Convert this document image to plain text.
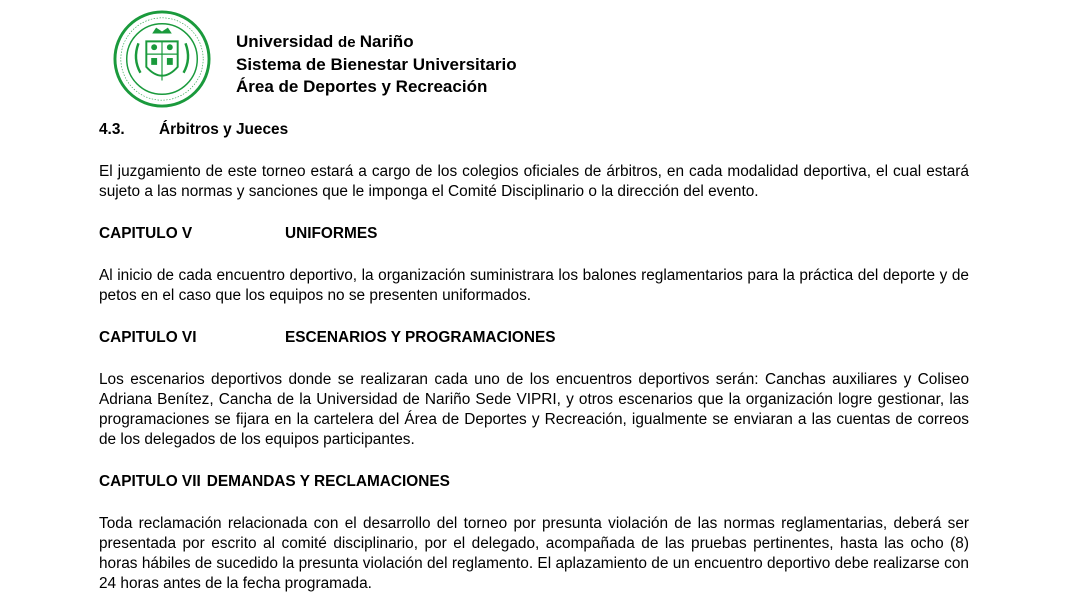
Universidad de Nariño
Sistema de Bienestar Universitario
Área de Deportes y Recreación
4.3.	Árbitros y Jueces

El juzgamiento de este torneo estará a cargo de los colegios oficiales de árbitros, en cada modalidad deportiva, el cual estará sujeto a las normas y sanciones que le imponga el Comité Disciplinario o la dirección del evento.

CAPITULO V	UNIFORMES

Al inicio de cada encuentro deportivo, la organización suministrara los balones reglamentarios para la práctica del deporte y de petos en el caso que los equipos no se presenten uniformados.

CAPITULO VI	ESCENARIOS Y PROGRAMACIONES

Los escenarios deportivos donde se realizaran cada uno de los encuentros deportivos serán: Canchas auxiliares y Coliseo Adriana Benítez, Cancha de la Universidad de Nariño Sede VIPRI, y otros escenarios que la organización logre gestionar, las programaciones se fijara en la cartelera del Área de Deportes y Recreación, igualmente se enviaran a las cuentas de correos de los delegados de los equipos participantes.

CAPITULO VII DEMANDAS Y RECLAMACIONES

Toda reclamación relacionada con el desarrollo del torneo por presunta violación de las normas reglamentarias, deberá ser presentada por escrito al comité disciplinario, por el delegado, acompañada de las pruebas pertinentes, hasta las ocho (8) horas hábiles de sucedido la presunta violación del reglamento. El aplazamiento de un encuentro deportivo debe realizarse con 24 horas antes de la fecha programada.
